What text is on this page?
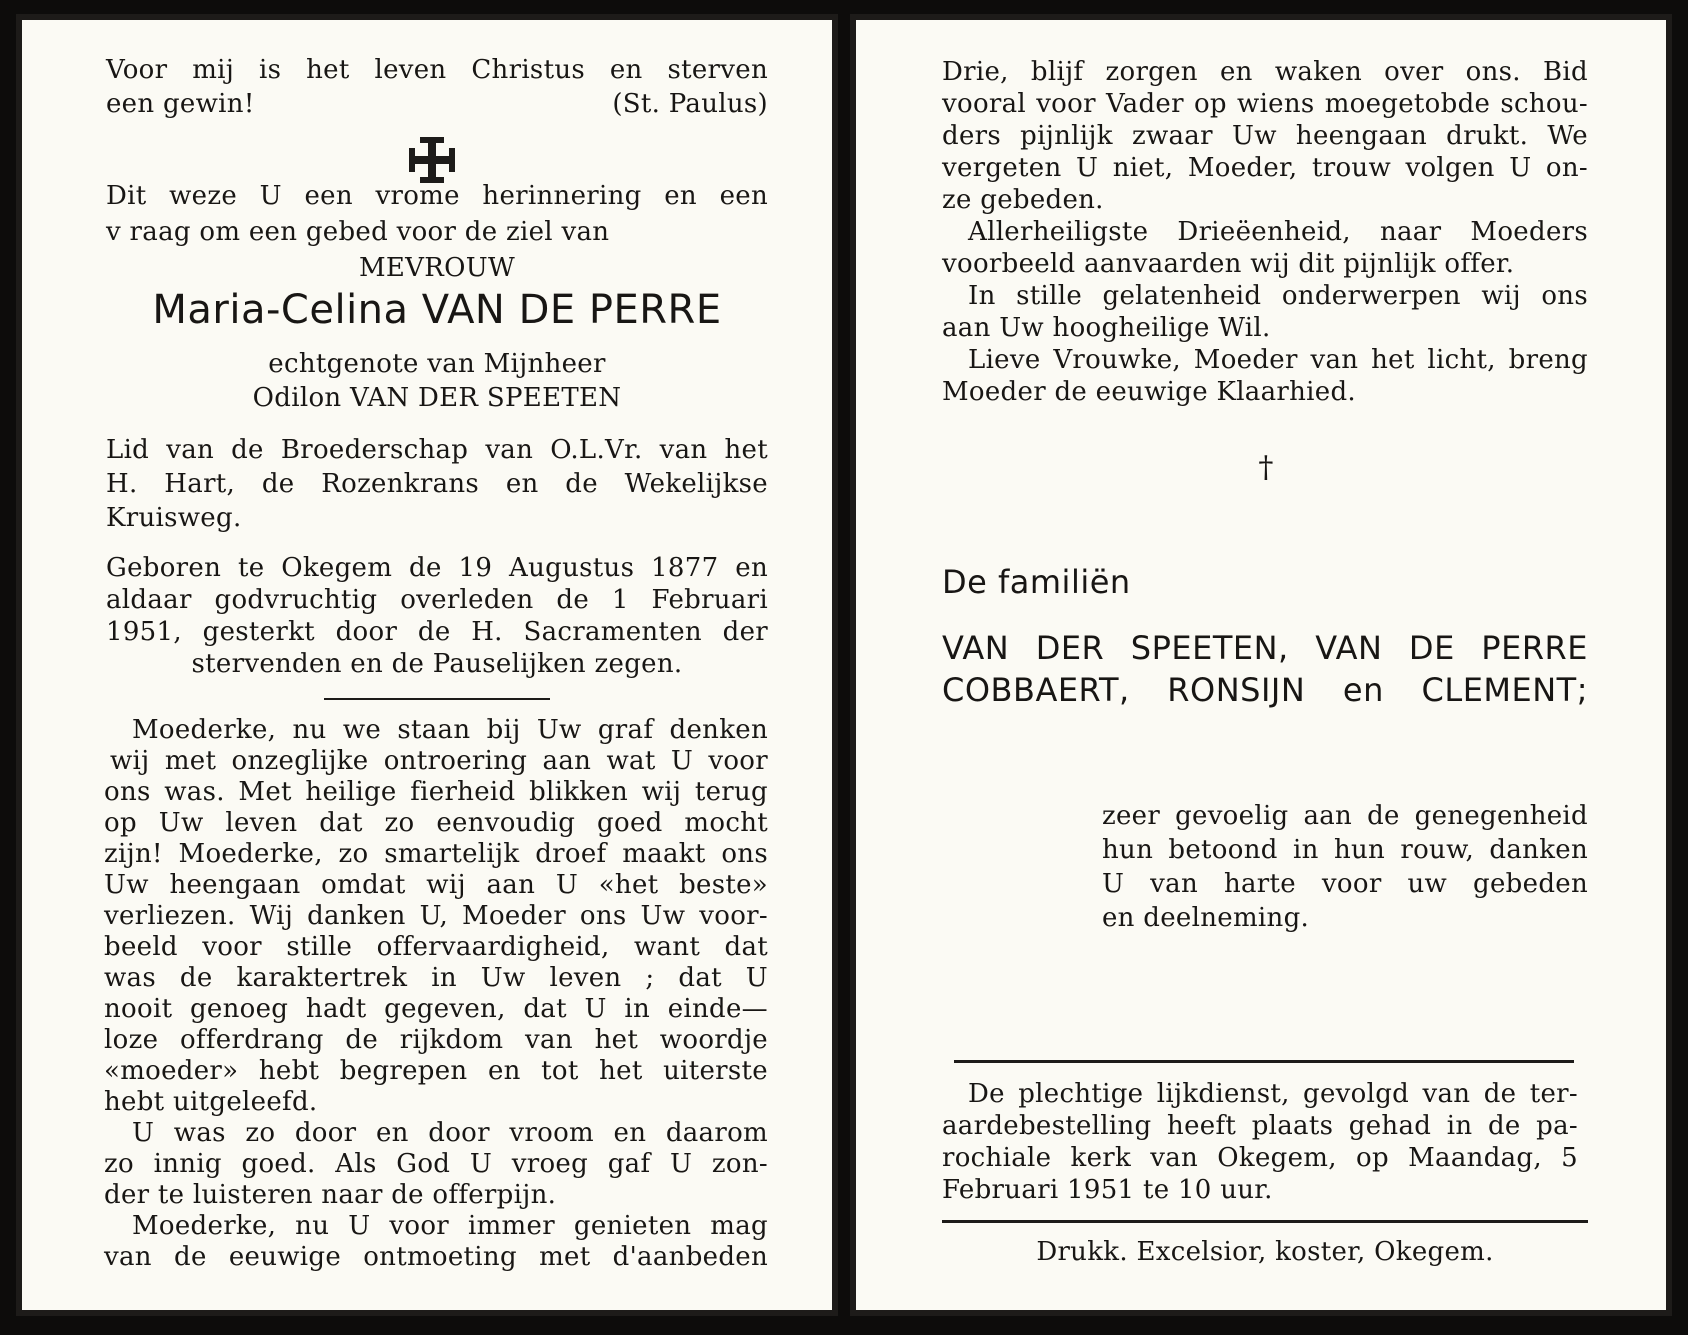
Voor mij is het leven Christus en sterven
een gewin!	(St. Paulus)
Dit weze U een vrome herinnering en een
v raag om een gebed voor de ziel van
MEVROUW
Maria-Celina VAN DE PERRE
echtgenote van Mijnheer
Odilon VAN DER SPEETEN
Lid van de Broederschap van O.L.Vr. van het
H. Hart, de Rozenkrans en de Wekelijkse
Kruisweg.
Geboren te Okegem de 19 Augustus 1877 en
aldaar godvruchtig overleden de 1 Februari
1951, gesterkt door de H. Sacramenten der
stervenden en de Pauselijken zegen.
Moederke, nu we staan bij Uw graf denken
wij met onzeglijke ontroering aan wat U voor
ons was. Met heilige fierheid blikken wij terug
op Uw leven dat zo eenvoudig goed mocht
zijn! Moederke, zo smartelijk droef maakt ons
Uw heengaan omdat wij aan U «het beste»
verliezen. Wij danken U, Moeder ons Uw voor-
beeld voor stille offervaardigheid, want dat
was de karaktertrek in Uw leven ; dat U
nooit genoeg hadt gegeven, dat U in einde—
loze offerdrang de rijkdom van het woordje
«moeder» hebt begrepen en tot het uiterste
hebt uitgeleefd.
U was zo door en door vroom en daarom
zo innig goed. Als God U vroeg gaf U zon-
der te luisteren naar de offerpijn.
Moederke, nu U voor immer genieten mag
van de eeuwige ontmoeting met d'aanbeden
Drie, blijf zorgen en waken over ons. Bid
vooral voor Vader op wiens moegetobde schou-
ders pijnlijk zwaar Uw heengaan drukt. We
vergeten U niet, Moeder, trouw volgen U on-
ze gebeden.
Allerheiligste Drieëenheid, naar Moeders
voorbeeld aanvaarden wij dit pijnlijk offer.
In stille gelatenheid onderwerpen wij ons
aan Uw hoogheilige Wil.
Lieve Vrouwke, Moeder van het licht, breng
Moeder de eeuwige Klaarhied.
†
De familiën
VAN DER SPEETEN, VAN DE PERRE
COBBAERT, RONSIJN en CLEMENT;
zeer gevoelig aan de genegenheid
hun betoond in hun rouw, danken
U van harte voor uw gebeden
en deelneming.
De plechtige lijkdienst, gevolgd van de ter-
aardebestelling heeft plaats gehad in de pa-
rochiale kerk van Okegem, op Maandag, 5
Februari 1951 te 10 uur.
Drukk. Excelsior, koster, Okegem.
